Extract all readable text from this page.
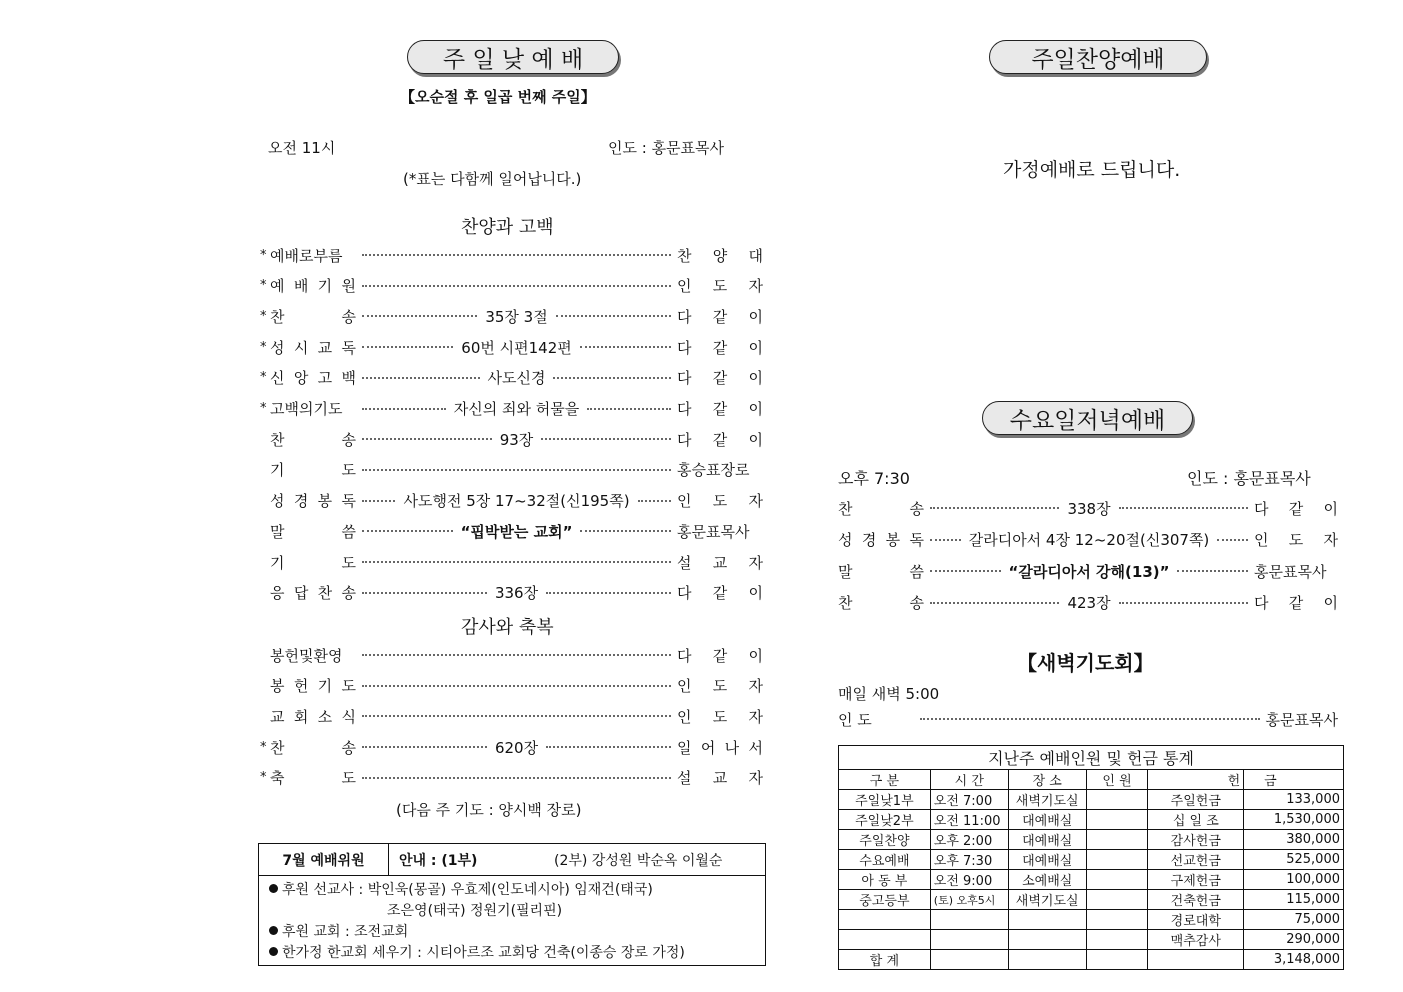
주 일 낮 예 배
【오순절 후 일곱 번째 주일】
오전 11시	인도 : 홍문표목사
(*표는 다함께 일어납니다.)
찬양과 고백
* 예배로부름	찬 양 대
* 예 배 기 원	인 도 자
* 찬	송	35장 3절	다 같 이
* 성 시 교 독	60번 시편142편	다 같 이
* 신 앙 고 백	사도신경	다 같 이
* 고백의기도	자신의 죄와 허물을	다 같 이
찬	송	93장	다 같 이
기	도	홍승표장로
성 경 봉 독	사도행전 5장 17~32절(신195쪽)	인 도 자
말	씀	“핍박받는 교회”	홍문표목사
기	도	설 교 자
응 답 찬 송	336장	다 같 이
감사와 축복
봉헌및환영	다 같 이
봉 헌 기 도	인 도 자
교 회 소 식	인 도 자
* 찬	송	620장	일 어 나 서
* 축	도	설 교 자
(다음 주 기도 : 양시백 장로)
7월 예배위원	안내 : (1부)	(2부) 강성원 박순옥 이월순
후원 선교사 : 박인욱(몽골) 우효제(인도네시아) 임재건(태국)
조은영(태국) 정원기(필리핀)
후원 교회 : 조전교회
한가정 한교회 세우기 : 시티아르조 교회당 건축(이종승 장로 가정)
주일찬양예배
가정예배로 드립니다.
수요일저녁예배
오후 7:30	인도 : 홍문표목사
찬	송	338장	다 같 이
성 경 봉 독	갈라디아서 4장 12~20절(신307쪽)	인 도 자
말	씀	“갈라디아서 강해(13)”	홍문표목사
찬	송	423장	다 같 이
【새벽기도회】
매일 새벽 5:00
인 도	홍문표목사
지난주 예배인원 및 헌금 통계					
구 분	시 간	장 소	인 원	헌	금
주일낮1부	오전 7:00	새벽기도실		주일헌금	133,000
주일낮2부	오전 11:00	대예배실		십 일 조	1,530,000
주일찬양	오후 2:00	대예배실		감사헌금	380,000
수요예배	오후 7:30	대예배실		선교헌금	525,000
아 동 부	오전 9:00	소예배실		구제헌금	100,000
중고등부	(토) 오후5시	새벽기도실		건축헌금	115,000
				경로대학	75,000
				맥추감사	290,000
합 계					3,148,000
